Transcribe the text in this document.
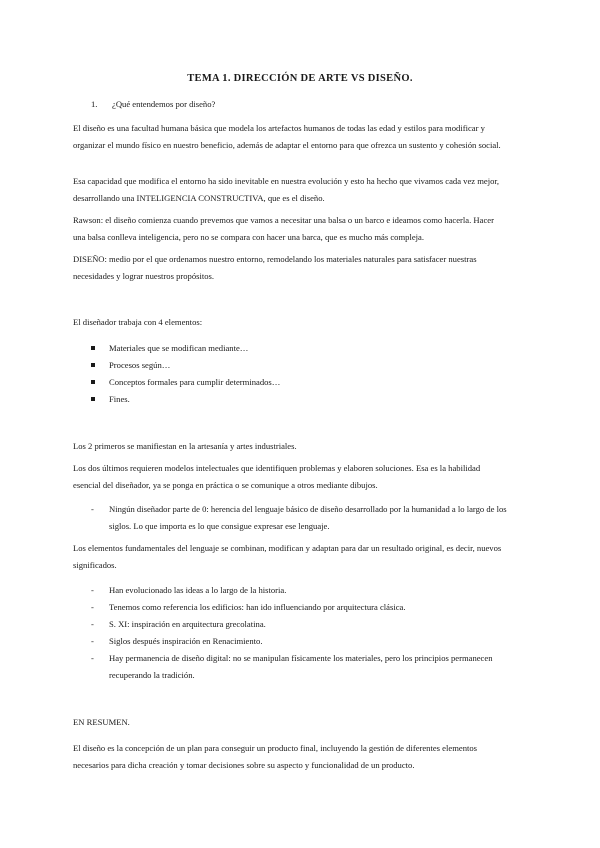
TEMA 1. DIRECCIÓN DE ARTE VS DISEÑO.
1. ¿Qué entendemos por diseño?

El diseño es una facultad humana básica que modela los artefactos humanos de todas las edad y estilos para modificar y organizar el mundo físico en nuestro beneficio, además de adaptar el entorno para que ofrezca un sustento y cohesión social.

Esa capacidad que modifica el entorno ha sido inevitable en nuestra evolución y esto ha hecho que vivamos cada vez mejor, desarrollando una INTELIGENCIA CONSTRUCTIVA, que es el diseño.

Rawson: el diseño comienza cuando prevemos que vamos a necesitar una balsa o un barco e ideamos como hacerla. Hacer una balsa conlleva inteligencia, pero no se compara con hacer una barca, que es mucho más compleja.

DISEÑO: medio por el que ordenamos nuestro entorno, remodelando los materiales naturales para satisfacer nuestras necesidades y lograr nuestros propósitos.

El diseñador trabaja con 4 elementos:

Materiales que se modifican mediante…
Procesos según…
Conceptos formales para cumplir determinados…
Fines.

Los 2 primeros se manifiestan en la artesanía y artes industriales.

Los dos últimos requieren modelos intelectuales que identifiquen problemas y elaboren soluciones. Esa es la habilidad esencial del diseñador, ya se ponga en práctica o se comunique a otros mediante dibujos.

- Ningún diseñador parte de 0: herencia del lenguaje básico de diseño desarrollado por la humanidad a lo largo de los siglos. Lo que importa es lo que consigue expresar ese lenguaje.

Los elementos fundamentales del lenguaje se combinan, modifican y adaptan para dar un resultado original, es decir, nuevos significados.

- Han evolucionado las ideas a lo largo de la historia.
- Tenemos como referencia los edificios: han ido influenciando por arquitectura clásica.
- S. XI: inspiración en arquitectura grecolatina.
- Siglos después inspiración en Renacimiento.
- Hay permanencia de diseño digital: no se manipulan físicamente los materiales, pero los principios permanecen recuperando la tradición.

EN RESUMEN.

El diseño es la concepción de un plan para conseguir un producto final, incluyendo la gestión de diferentes elementos necesarios para dicha creación y tomar decisiones sobre su aspecto y funcionalidad de un producto.
